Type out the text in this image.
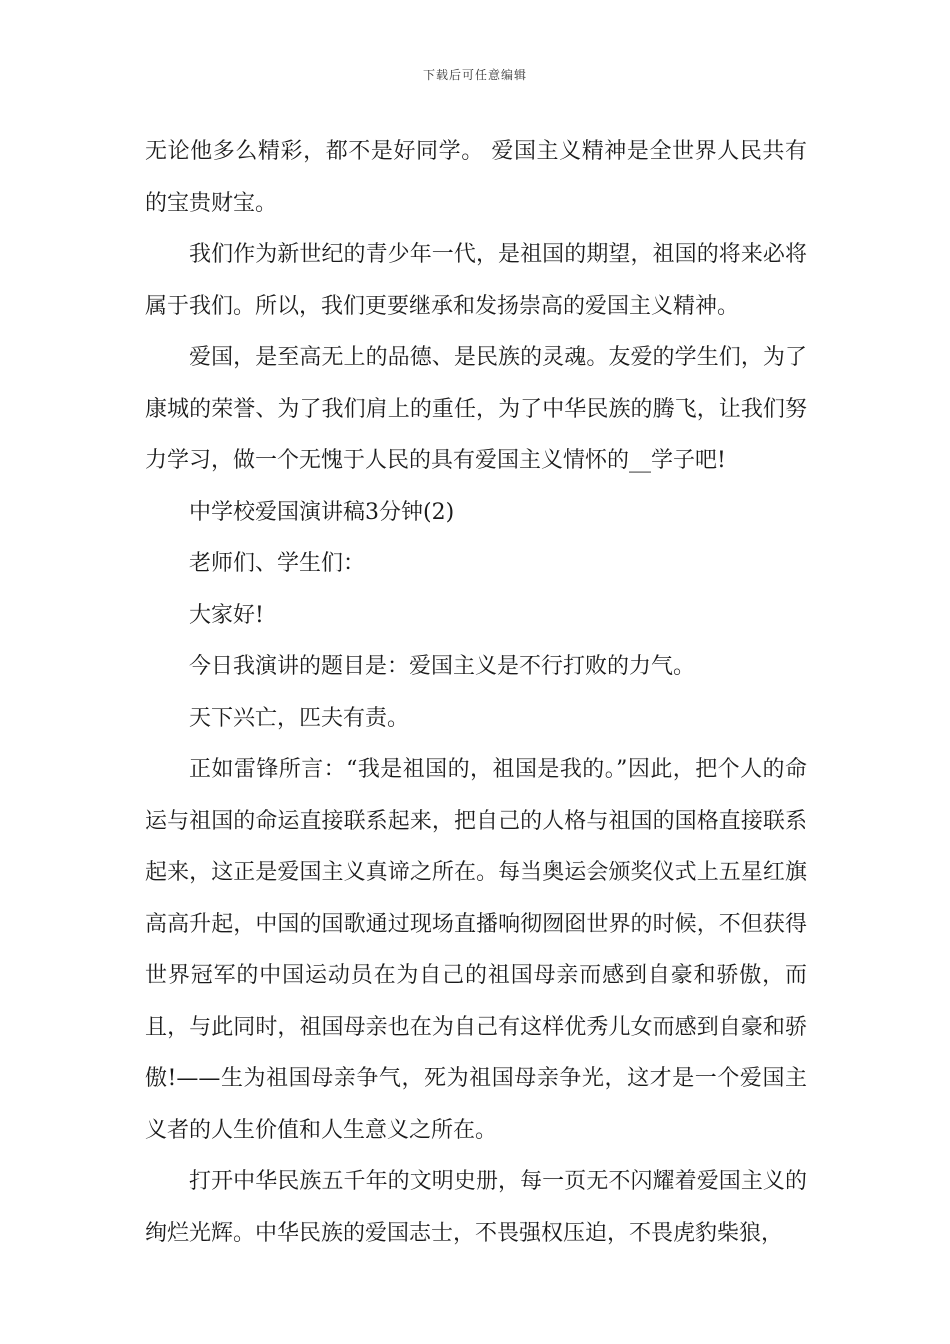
下载后可任意编辑

无论他多么精彩，都不是好同学。 爱国主义精神是全世界人民共有的宝贵财宝。

我们作为新世纪的青少年一代，是祖国的期望，祖国的将来必将属于我们。所以，我们更要继承和发扬崇高的爱国主义精神。

爱国，是至高无上的品德、是民族的灵魂。友爱的学生们，为了康城的荣誉、为了我们肩上的重任，为了中华民族的腾飞，让我们努力学习，做一个无愧于人民的具有爱国主义情怀的__学子吧!

中学校爱国演讲稿3分钟(2)

老师们、学生们：

大家好!

今日我演讲的题目是：爱国主义是不行打败的力气。

天下兴亡，匹夫有责。

正如雷锋所言：“我是祖国的，祖国是我的。”因此，把个人的命运与祖国的命运直接联系起来，把自己的人格与祖国的国格直接联系起来，这正是爱国主义真谛之所在。每当奥运会颁奖仪式上五星红旗高高升起，中国的国歌通过现场直播响彻囫囵世界的时候，不但获得世界冠军的中国运动员在为自己的祖国母亲而感到自豪和骄傲，而且，与此同时，祖国母亲也在为自己有这样优秀儿女而感到自豪和骄傲!——生为祖国母亲争气，死为祖国母亲争光，这才是一个爱国主义者的人生价值和人生意义之所在。

打开中华民族五千年的文明史册，每一页无不闪耀着爱国主义的绚烂光辉。中华民族的爱国志士，不畏强权压迫，不畏虎豹柴狼，
